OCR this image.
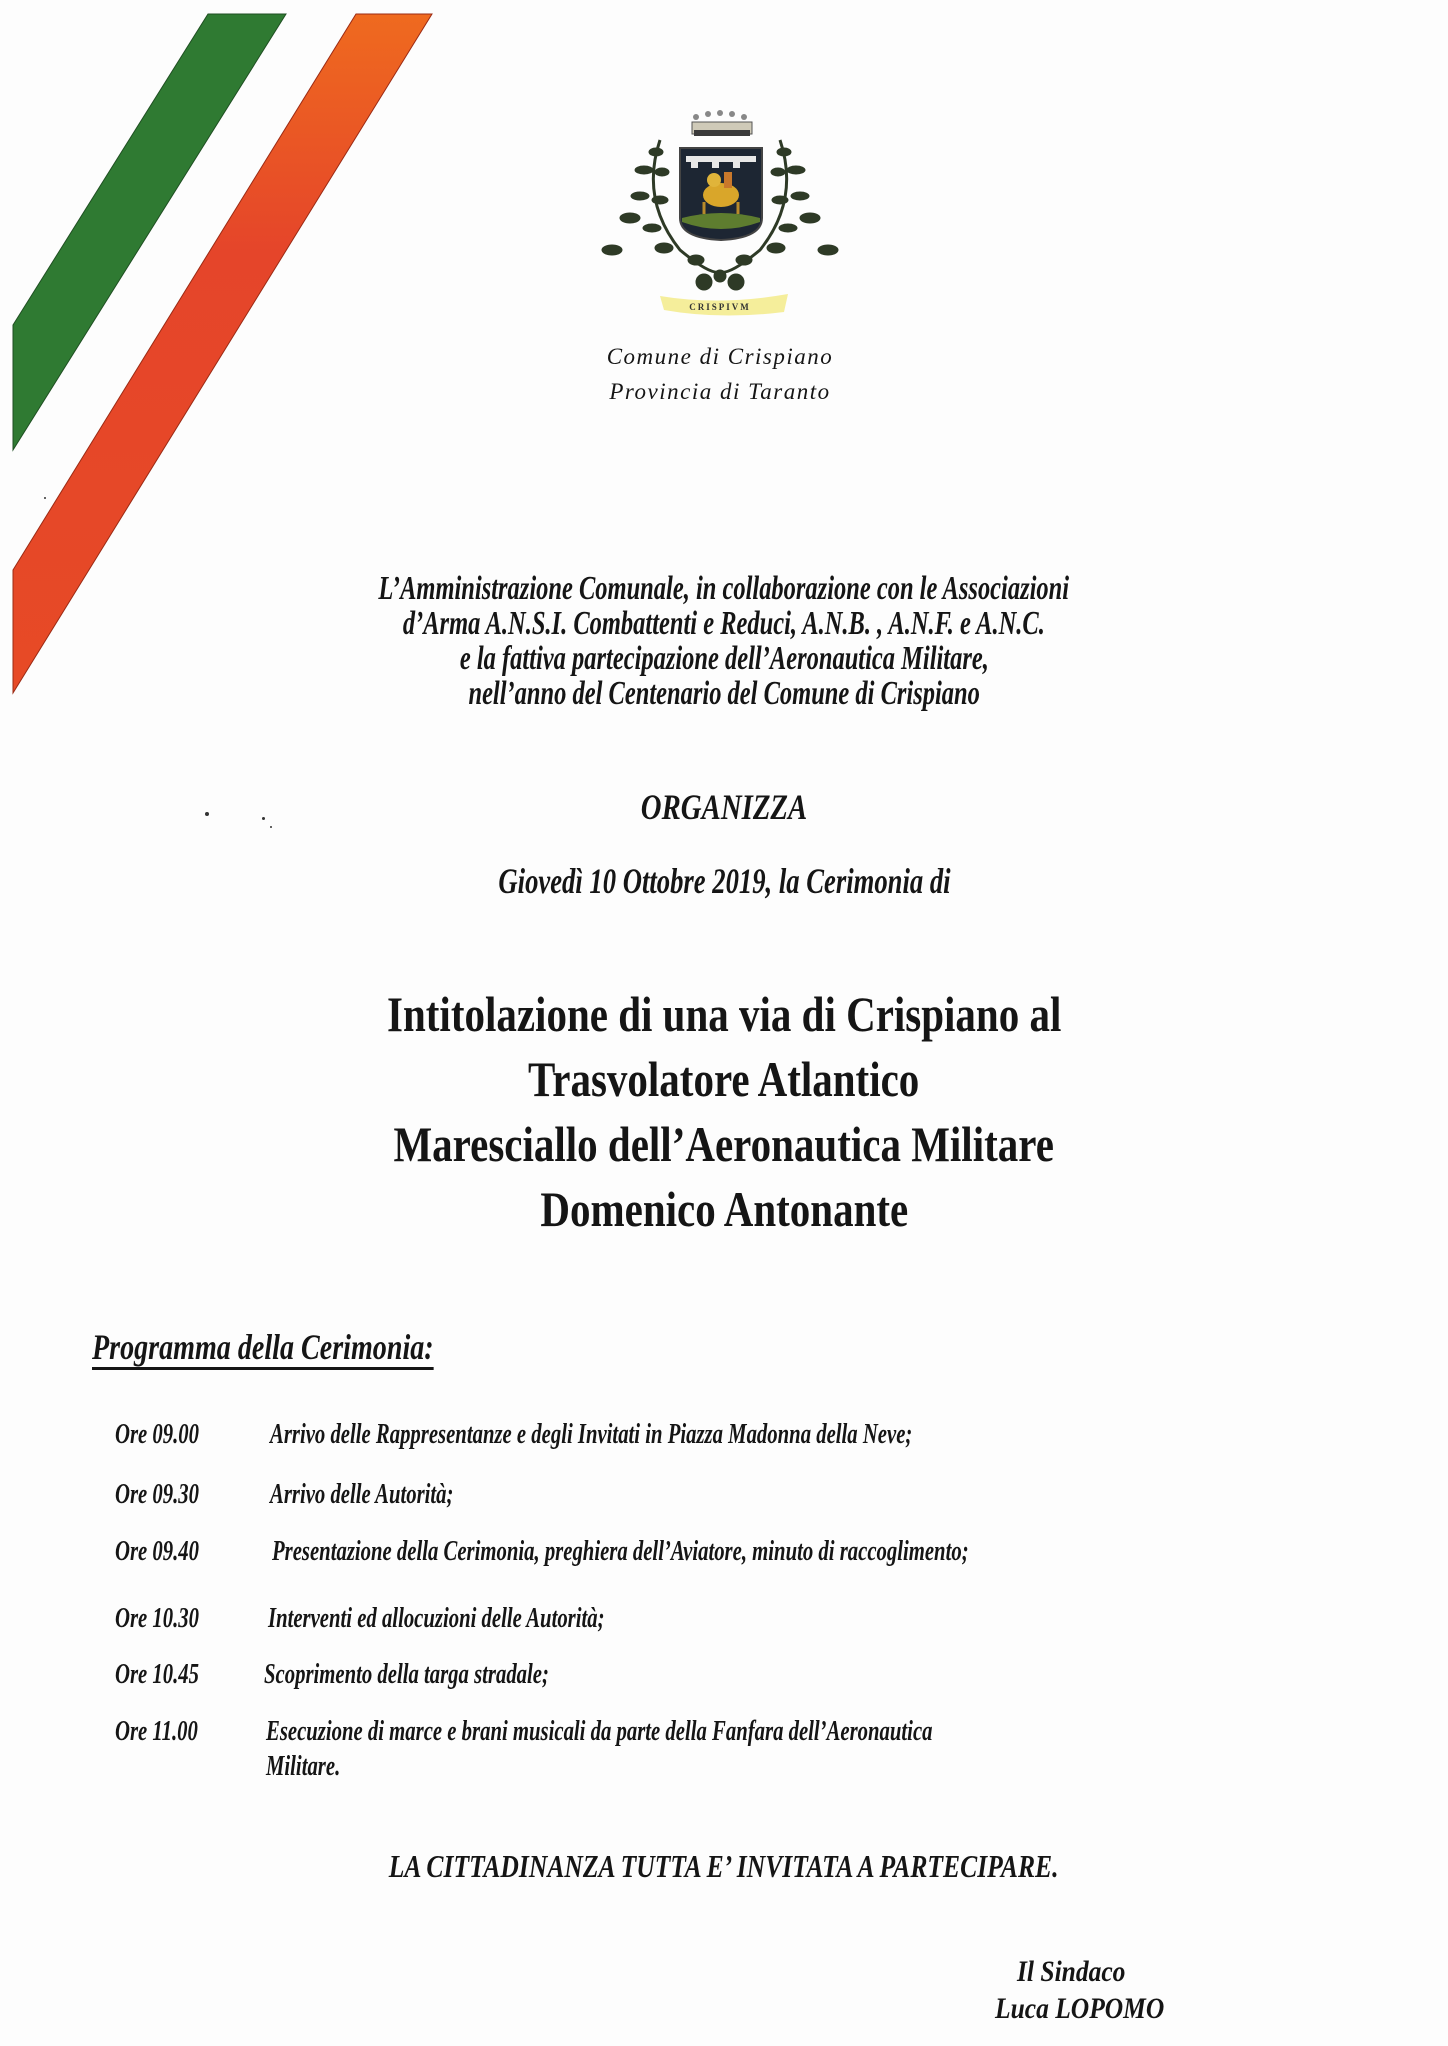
CRISPIVM
Comune di Crispiano
Provincia di Taranto
L’Amministrazione Comunale, in collaborazione con le Associazioni
d’Arma A.N.S.I. Combattenti e Reduci, A.N.B. , A.N.F. e A.N.C.
e la fattiva partecipazione dell’Aeronautica Militare,
nell’anno del Centenario del Comune di Crispiano
ORGANIZZA
Giovedì 10 Ottobre 2019, la Cerimonia di
Intitolazione di una via di Crispiano al
Trasvolatore Atlantico
Maresciallo dell’Aeronautica Militare
Domenico Antonante
Programma della Cerimonia:
Ore 09.00	Arrivo delle Rappresentanze e degli Invitati in Piazza Madonna della Neve;
Ore 09.30	Arrivo delle Autorità;
Ore 09.40	Presentazione della Cerimonia, preghiera dell’Aviatore, minuto di raccoglimento;
Ore 10.30	Interventi ed allocuzioni delle Autorità;
Ore 10.45	Scoprimento della targa stradale;
Ore 11.00	Esecuzione di marce e brani musicali da parte della Fanfara dell’Aeronautica
Militare.
LA CITTADINANZA TUTTA E’ INVITATA A PARTECIPARE.
Il Sindaco
Luca LOPOMO
